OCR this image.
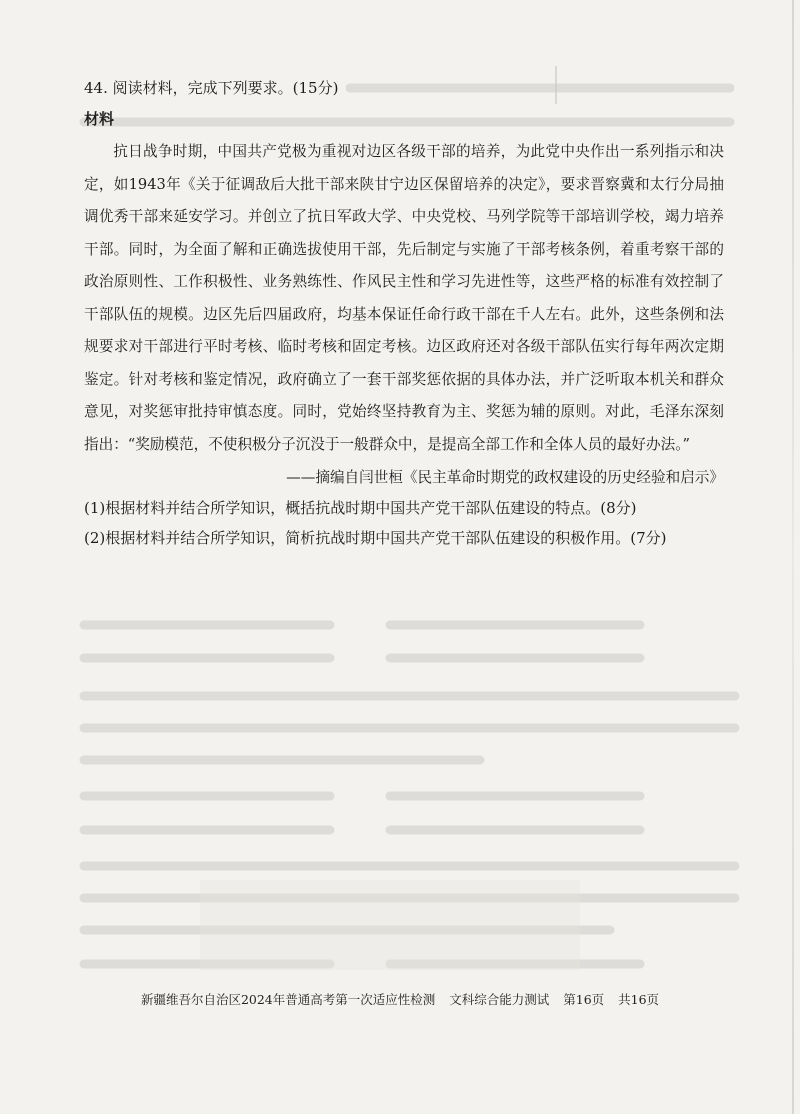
44. 阅读材料，完成下列要求。(15分)
材料

抗日战争时期，中国共产党极为重视对边区各级干部的培养，为此党中央作出一系列指示和决定，如1943年《关于征调敌后大批干部来陕甘宁边区保留培养的决定》，要求晋察冀和太行分局抽调优秀干部来延安学习。并创立了抗日军政大学、中央党校、马列学院等干部培训学校，竭力培养干部。同时，为全面了解和正确选拔使用干部，先后制定与实施了干部考核条例，着重考察干部的政治原则性、工作积极性、业务熟练性、作风民主性和学习先进性等，这些严格的标准有效控制了干部队伍的规模。边区先后四届政府，均基本保证任命行政干部在千人左右。此外，这些条例和法规要求对干部进行平时考核、临时考核和固定考核。边区政府还对各级干部队伍实行每年两次定期鉴定。针对考核和鉴定情况，政府确立了一套干部奖惩依据的具体办法，并广泛听取本机关和群众意见，对奖惩审批持审慎态度。同时，党始终坚持教育为主、奖惩为辅的原则。对此，毛泽东深刻指出：“奖励模范，不使积极分子沉没于一般群众中，是提高全部工作和全体人员的最好办法。”

——摘编自闫世桓《民主革命时期党的政权建设的历史经验和启示》
(1)根据材料并结合所学知识，概括抗战时期中国共产党干部队伍建设的特点。(8分)
(2)根据材料并结合所学知识，简析抗战时期中国共产党干部队伍建设的积极作用。(7分)
新疆维吾尔自治区2024年普通高考第一次适应性检测 文科综合能力测试 第16页 共16页
